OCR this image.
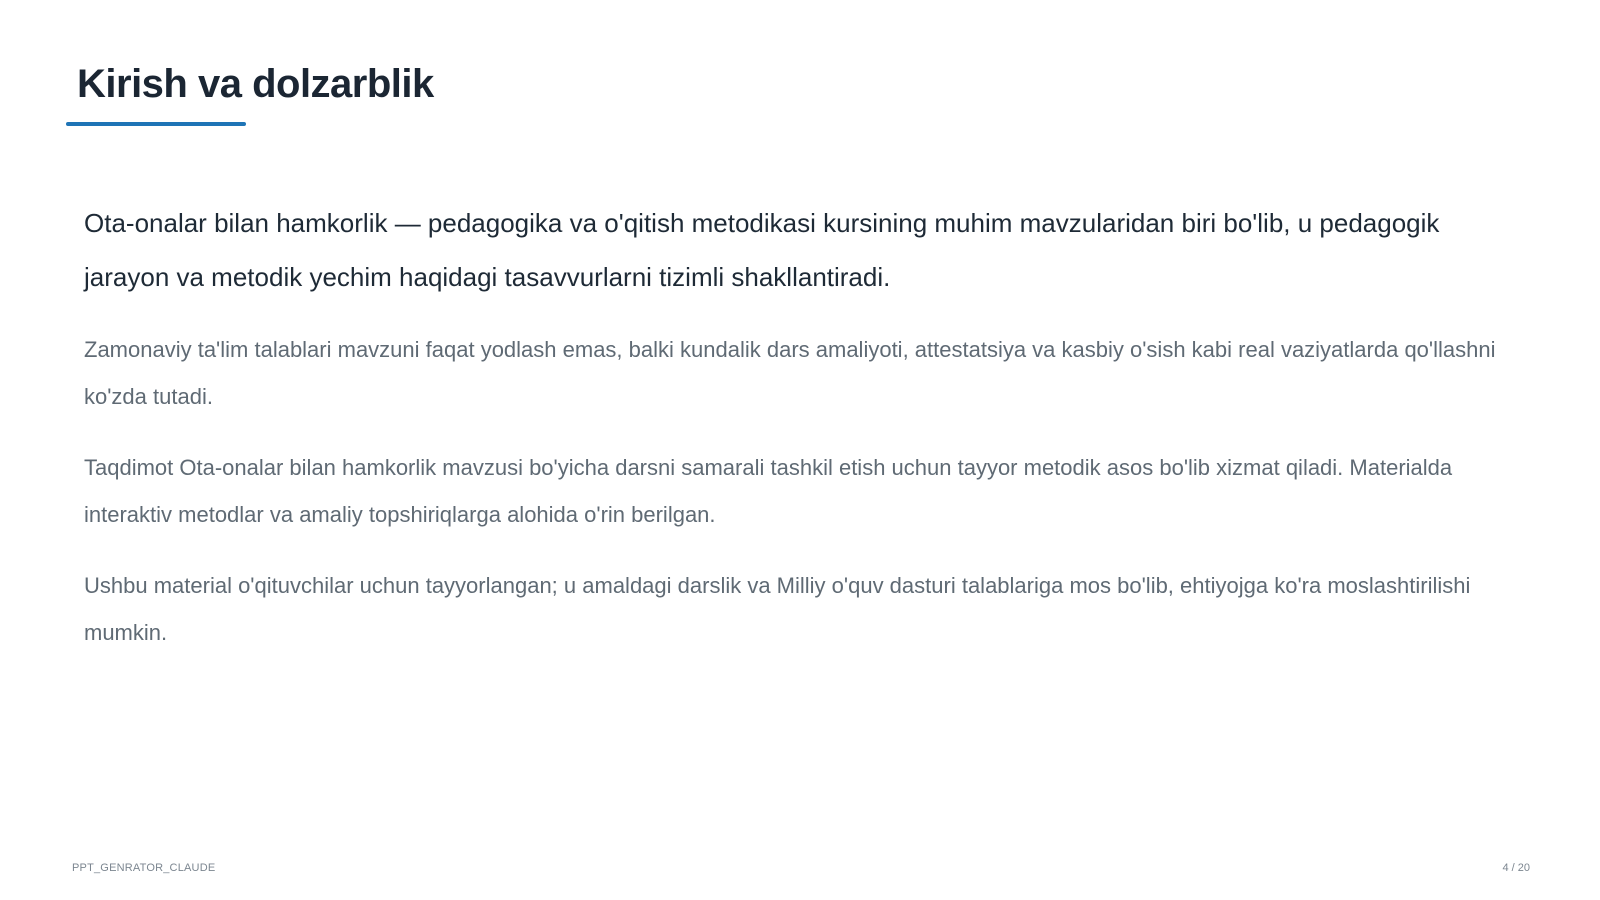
Kirish va dolzarblik

Ota-onalar bilan hamkorlik — pedagogika va o'qitish metodikasi kursining muhim mavzularidan biri bo'lib, u pedagogik jarayon va metodik yechim haqidagi tasavvurlarni tizimli shakllantiradi.

Zamonaviy ta'lim talablari mavzuni faqat yodlash emas, balki kundalik dars amaliyoti, attestatsiya va kasbiy o'sish kabi real vaziyatlarda qo'llashni ko'zda tutadi.

Taqdimot Ota-onalar bilan hamkorlik mavzusi bo'yicha darsni samarali tashkil etish uchun tayyor metodik asos bo'lib xizmat qiladi. Materialda interaktiv metodlar va amaliy topshiriqlarga alohida o'rin berilgan.

Ushbu material o'qituvchilar uchun tayyorlangan; u amaldagi darslik va Milliy o'quv dasturi talablariga mos bo'lib, ehtiyojga ko'ra moslashtirilishi mumkin.

PPT_GENRATOR_CLAUDE	4 / 20
